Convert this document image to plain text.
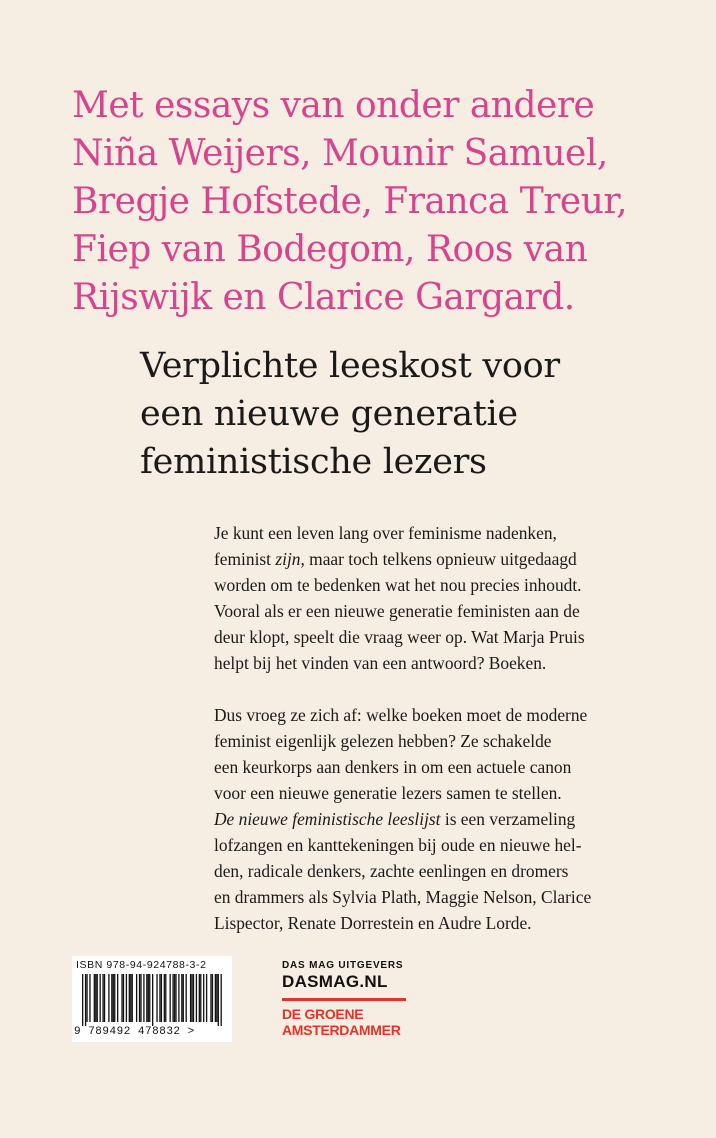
Met essays van onder andere
Niña Weijers, Mounir Samuel,
Bregje Hofstede, Franca Treur,
Fiep van Bodegom, Roos van
Rijswijk en Clarice Gargard.
Verplichte leeskost voor
een nieuwe generatie
feministische lezers
Je kunt een leven lang over feminisme nadenken,
feminist zijn, maar toch telkens opnieuw uitgedaagd
worden om te bedenken wat het nou precies inhoudt.
Vooral als er een nieuwe generatie feministen aan de
deur klopt, speelt die vraag weer op. Wat Marja Pruis
helpt bij het vinden van een antwoord? Boeken.
Dus vroeg ze zich af: welke boeken moet de moderne
feminist eigenlijk gelezen hebben? Ze schakelde
een keurkorps aan denkers in om een actuele canon
voor een nieuwe generatie lezers samen te stellen.
De nieuwe feministische leeslijst is een verzameling
lofzangen en kanttekeningen bij oude en nieuwe hel-
den, radicale denkers, zachte eenlingen en dromers
en drammers als Sylvia Plath, Maggie Nelson, Clarice
Lispector, Renate Dorrestein en Audre Lorde.
ISBN 978-94-924788-3-2
9 789492 478832 >
DAS MAG UITGEVERS
DASMAG.NL
DE GROENE
AMSTERDAMMER
